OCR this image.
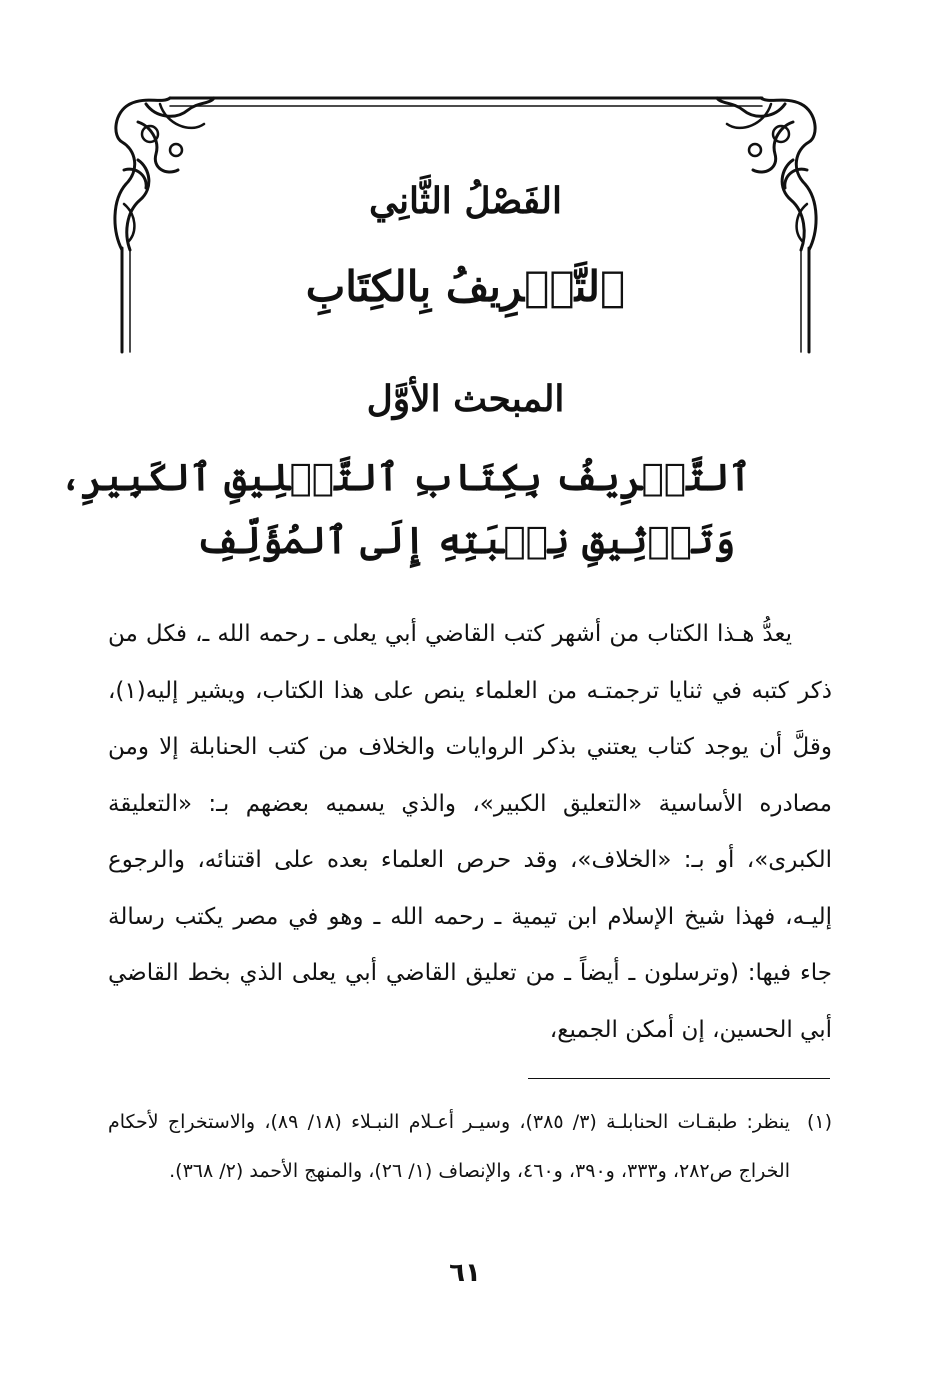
الفَصْلُ الثَّانِي
ٱلتَّعۡرِيفُ بِالكِتَابِ
المبحث الأوَّل
ٱلتَّعۡرِيفُ بِكِتَابِ ٱلتَّعۡلِيقِ ٱلكَبِيرِ،
وَتَوۡثِيقِ نِسۡبَتِهِ إِلَى ٱلمُؤَلِّفِ

يعدُّ هـذا الكتاب من أشهر كتب القاضي أبي يعلى ـ رحمه الله ـ، فكل من ذكر كتبه في ثنايا ترجمتـه من العلماء ينص على هذا الكتاب، ويشير إليه(١)، وقلَّ أن يوجد كتاب يعتني بذكر الروايات والخلاف من كتب الحنابلة إلا ومن مصادره الأساسية «التعليق الكبير»، والذي يسميه بعضهم بـ: «التعليقة الكبرى»، أو بـ: «الخلاف»، وقد حرص العلماء بعده على اقتنائه، والرجوع إليـه، فهذا شيخ الإسلام ابن تيمية ـ رحمه الله ـ وهو في مصر يكتب رسالة جاء فيها: (وترسلون ـ أيضاً ـ من تعليق القاضي أبي يعلى الذي بخط القاضي أبي الحسين، إن أمكن الجميع،

(١)
ينظر: طبقـات الحنابلـة (٣/ ٣٨٥)، وسيـر أعـلام النبـلاء (١٨/ ٨٩)، والاستخراج لأحكام الخراج ص٢٨٢، و٣٣٣، و٣٩٠، و٤٦٠، والإنصاف (١/ ٢٦)، والمنهج الأحمد (٢/ ٣٦٨).
٦١
